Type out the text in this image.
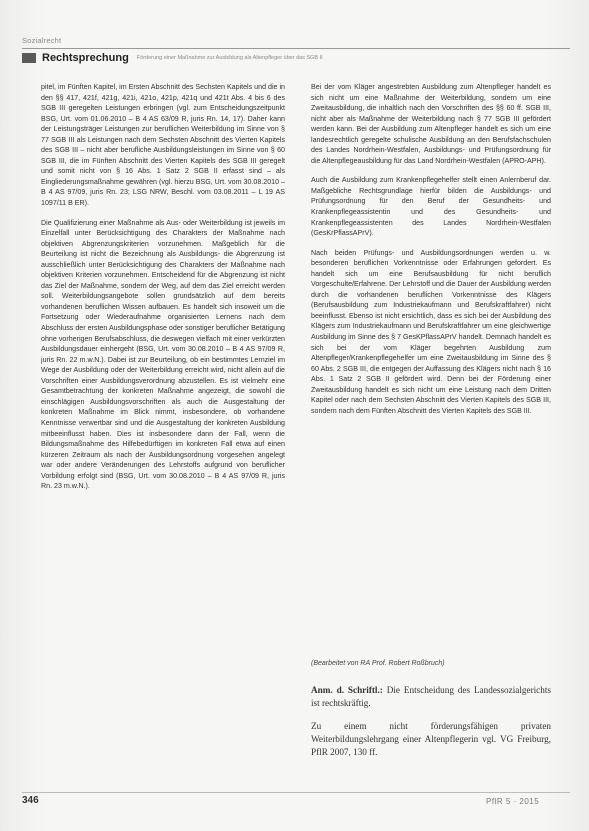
Sozialrecht
Rechtsprechung Förderung einer Maßnahme zur Ausbildung als Altenpfleger über das SGB II

pitel, im Fünften Kapitel, im Ersten Abschnitt des Sechsten Kapitels und die in den §§ 417, 421f, 421g, 421i, 421o, 421p, 421q und 421t Abs. 4 bis 6 des SGB III geregelten Leistungen erbringen (vgl. zum Entscheidungszeitpunkt BSG, Urt. vom 01.06.2010 – B 4 AS 63/09 R, juris Rn. 14, 17). Daher kann der Leistungsträger Leistungen zur beruflichen Weiterbildung im Sinne von § 77 SGB III als Leistungen nach dem Sechsten Abschnitt des Vierten Kapitels des SGB III – nicht aber berufliche Ausbildungsleistungen im Sinne von § 60 SGB III, die im Fünften Abschnitt des Vierten Kapitels des SGB III geregelt und somit nicht von § 16 Abs. 1 Satz 2 SGB II erfasst sind – als Eingliederungsmaßnahme gewähren (vgl. hierzu BSG, Urt. vom 30.08.2010 – B 4 AS 97/09, juris Rn. 23; LSG NRW, Beschl. vom 03.08.2011 – L 19 AS 1097/11 B ER).

Die Qualifizierung einer Maßnahme als Aus- oder Weiterbildung ist jeweils im Einzelfall unter Berücksichtigung des Charakters der Maßnahme nach objektiven Abgrenzungskriterien vorzunehmen. Maßgeblich für die Beurteilung ist nicht die Bezeichnung als Ausbildungs- die Abgrenzung ist ausschließlich unter Berücksichtigung des Charakters der Maßnahme nach objektiven Kriterien vorzunehmen. Entscheidend für die Abgrenzung ist nicht das Ziel der Maßnahme, sondern der Weg, auf dem das Ziel erreicht werden soll. Weiterbildungsangebote sollen grundsätzlich auf dem bereits vorhandenen beruflichen Wissen aufbauen. Es handelt sich insoweit um die Fortsetzung oder Wiederaufnahme organisierten Lernens nach dem Abschluss der ersten Ausbildungsphase oder sonstiger beruflicher Betätigung ohne vorherigen Berufsabschluss, die deswegen vielfach mit einer verkürzten Ausbildungsdauer einhergeht (BSG, Urt. vom 30.08.2010 – B 4 AS 97/09 R, juris Rn. 22 m.w.N.). Dabei ist zur Beurteilung, ob ein bestimmtes Lernziel im Wege der Ausbildung oder der Weiterbildung erreicht wird, nicht allein auf die Vorschriften einer Ausbildungsverordnung abzustellen. Es ist vielmehr eine Gesamtbetrachtung der konkreten Maßnahme angezeigt, die sowohl die einschlägigen Ausbildungsvorschriften als auch die Ausgestaltung der konkreten Maßnahme im Blick nimmt, insbesondere, ob vorhandene Kenntnisse verwertbar sind und die Ausgestaltung der konkreten Ausbildung mitbeeinflusst haben. Dies ist insbesondere dann der Fall, wenn die Bildungsmaßnahme des Hilfebedürftigen im konkreten Fall etwa auf einen kürzeren Zeitraum als nach der Ausbildungsordnung vorgesehen angelegt war oder andere Veränderungen des Lehrstoffs aufgrund von beruflicher Vorbildung erfolgt sind (BSG, Urt. vom 30.08.2010 – B 4 AS 97/09 R, juris Rn. 23 m.w.N.).

Bei der vom Kläger angestrebten Ausbildung zum Altenpfleger handelt es sich nicht um eine Maßnahme der Weiterbildung, sondern um eine Zweitausbildung, die inhaltlich nach den Vorschriften des §§ 60 ff. SGB III, nicht aber als Maßnahme der Weiterbildung nach § 77 SGB III gefördert werden kann. Bei der Ausbildung zum Altenpfleger handelt es sich um eine landesrechtlich geregelte schulische Ausbildung an den Berufsfachschulen des Landes Nordrhein-Westfalen, Ausbildungs- und Prüfungsordnung für die Altenpflegeausbildung für das Land Nordrhein-Westfalen (APRO-APH).

Auch die Ausbildung zum Krankenpflegehelfer stellt einen Anlernberuf dar. Maßgebliche Rechtsgrundlage hierfür bilden die Ausbildungs- und Prüfungsordnung für den Beruf der Gesundheits- und Krankenpflegeassistentin und des Gesundheits- und Krankenpflegeassistenten des Landes Nordrhein-Westfalen (GesKrPflassAPrV).

Nach beiden Prüfungs- und Ausbildungsordnungen werden u. w. besonderen beruflichen Vorkenntnisse oder Erfahrungen gefordert. Es handelt sich um eine Berufsausbildung für nicht beruflich Vorgeschulte/Erfahrene. Der Lehrstoff und die Dauer der Ausbildung werden durch die vorhandenen beruflichen Vorkenntnisse des Klägers (Berufsausbildung zum Industriekaufmann und Berufskraftfahrer) nicht beeinflusst. Ebenso ist nicht ersichtlich, dass es sich bei der Ausbildung des Klägers zum Industriekaufmann und Berufskraftfahrer um eine gleichwertige Ausbildung im Sinne des § 7 GesKPflassAPrV handelt. Demnach handelt es sich bei der vom Kläger begehrten Ausbildung zum Altenpfleger/Krankenpflegehelfer um eine Zweitausbildung im Sinne des § 60 Abs. 2 SGB III, die entgegen der Auffassung des Klägers nicht nach § 16 Abs. 1 Satz 2 SGB II gefördert wird. Denn bei der Förderung einer Zweitausbildung handelt es sich nicht um eine Leistung nach dem Dritten Kapitel oder nach dem Sechsten Abschnitt des Vierten Kapitels des SGB III, sondern nach dem Fünften Abschnitt des Vierten Kapitels des SGB III.

(Bearbeitet von RA Prof. Robert Roßbruch)

Anm. d. Schriftl.: Die Entscheidung des Landessozialgerichts ist rechtskräftig.

Zu einem nicht förderungsfähigen privaten Weiterbildungslehrgang einer Altenpflegerin vgl. VG Freiburg, PflR 2007, 130 ff.

346	PflR 5 · 2015
